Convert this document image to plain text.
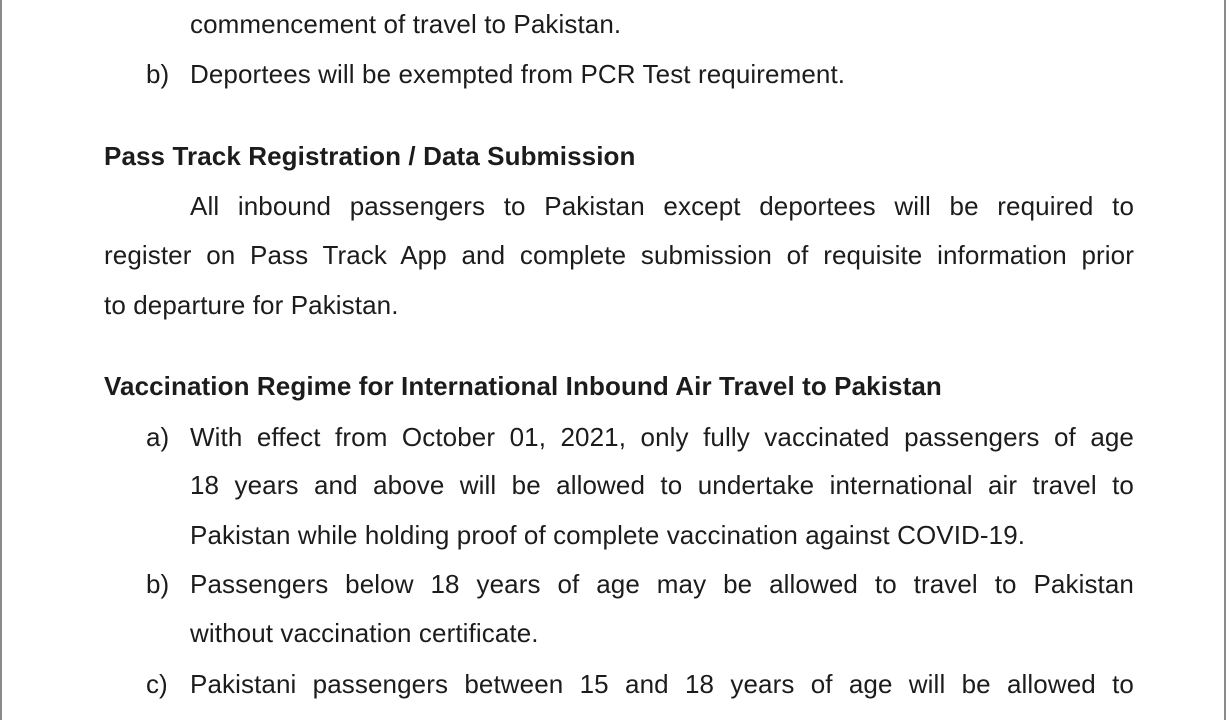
commencement of travel to Pakistan.
b) Deportees will be exempted from PCR Test requirement.
Pass Track Registration / Data Submission
All inbound passengers to Pakistan except deportees will be required to
register on Pass Track App and complete submission of requisite information prior
to departure for Pakistan.
Vaccination Regime for International Inbound Air Travel to Pakistan
a) With effect from October 01, 2021, only fully vaccinated passengers of age
18 years and above will be allowed to undertake international air travel to
Pakistan while holding proof of complete vaccination against COVID-19.
b) Passengers below 18 years of age may be allowed to travel to Pakistan
without vaccination certificate.
c) Pakistani passengers between 15 and 18 years of age will be allowed to
